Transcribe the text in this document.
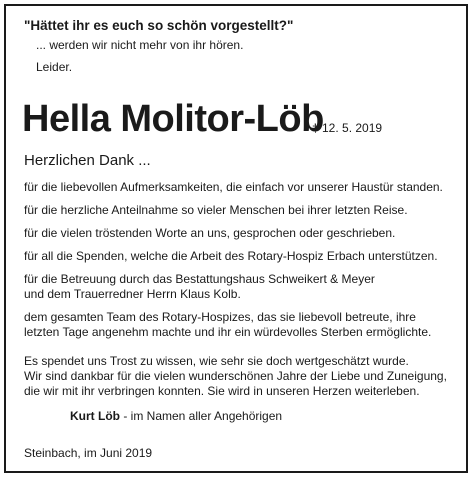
"Hättet ihr es euch so schön vorgestellt?"
... werden wir nicht mehr von ihr hören.
Leider.
Hella Molitor-Löb
† 12. 5. 2019
Herzlichen Dank ...
für die liebevollen Aufmerksamkeiten, die einfach vor unserer Haustür standen.
für die herzliche Anteilnahme so vieler Menschen bei ihrer letzten Reise.
für die vielen tröstenden Worte an uns, gesprochen oder geschrieben.
für all die Spenden, welche die Arbeit des Rotary-Hospiz Erbach unterstützen.
für die Betreuung durch das Bestattungshaus Schweikert & Meyer
und dem Trauerredner Herrn Klaus Kolb.
dem gesamten Team des Rotary-Hospizes, das sie liebevoll betreute, ihre
letzten Tage angenehm machte und ihr ein würdevolles Sterben ermöglichte.
Es spendet uns Trost zu wissen, wie sehr sie doch wertgeschätzt wurde.
Wir sind dankbar für die vielen wunderschönen Jahre der Liebe und Zuneigung,
die wir mit ihr verbringen konnten. Sie wird in unseren Herzen weiterleben.
Kurt Löb - im Namen aller Angehörigen
Steinbach, im Juni 2019
